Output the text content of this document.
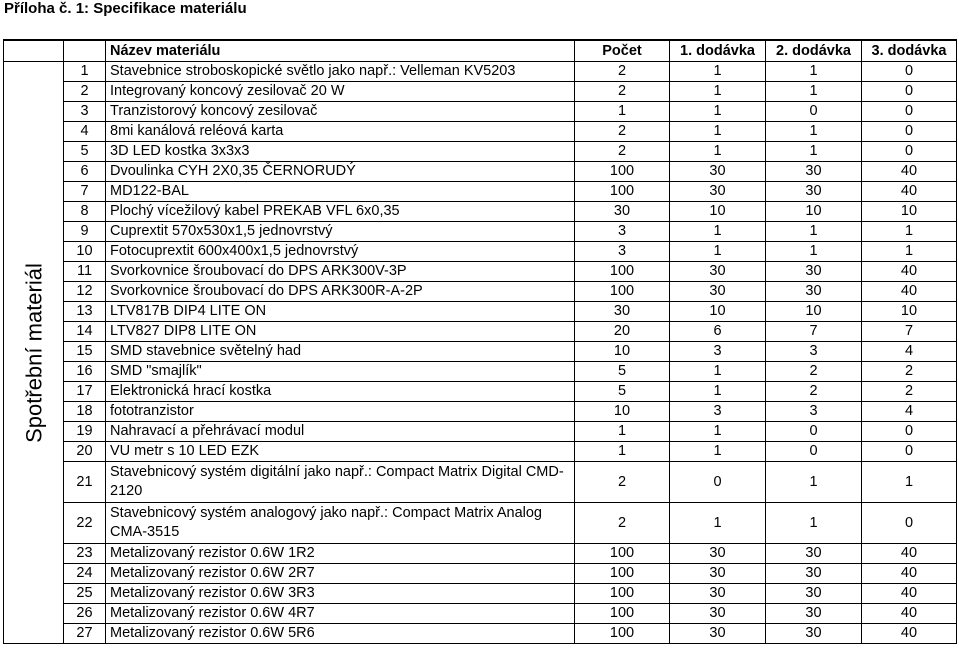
Příloha č. 1: Specifikace materiálu
		Název materiálu	Počet	1. dodávka	2. dodávka	3. dodávka

Spotřební materiál	1	Stavebnice stroboskopické světlo jako např.: Velleman KV5203	2	1	1	0
	2	Integrovaný koncový zesilovač 20 W	2	1	1	0
	3	Tranzistorový koncový zesilovač	1	1	0	0
	4	8mi kanálová reléová karta	2	1	1	0
	5	3D LED kostka 3x3x3	2	1	1	0
	6	Dvoulinka CYH 2X0,35 ČERNORUDÝ	100	30	30	40
	7	MD122-BAL	100	30	30	40
	8	Plochý vícežilový kabel PREKAB VFL 6x0,35	30	10	10	10
	9	Cuprextit 570x530x1,5 jednovrstvý	3	1	1	1
	10	Fotocuprextit 600x400x1,5 jednovrstvý	3	1	1	1
	11	Svorkovnice šroubovací do DPS ARK300V-3P	100	30	30	40
	12	Svorkovnice šroubovací do DPS ARK300R-A-2P	100	30	30	40
	13	LTV817B DIP4 LITE ON	30	10	10	10
	14	LTV827 DIP8 LITE ON	20	6	7	7
	15	SMD stavebnice světelný had	10	3	3	4
	16	SMD "smajlík"	5	1	2	2
	17	Elektronická hrací kostka	5	1	2	2
	18	fototranzistor	10	3	3	4
	19	Nahravací a přehrávací modul	1	1	0	0
	20	VU metr s 10 LED EZK	1	1	0	0
	21	Stavebnicový systém digitální jako např.: Compact Matrix Digital CMD-2120	2	0	1	1
	22	Stavebnicový systém analogový jako např.: Compact Matrix Analog CMA-3515	2	1	1	0
	23	Metalizovaný rezistor 0.6W 1R2	100	30	30	40
	24	Metalizovaný rezistor 0.6W 2R7	100	30	30	40
	25	Metalizovaný rezistor 0.6W 3R3	100	30	30	40
	26	Metalizovaný rezistor 0.6W 4R7	100	30	30	40
	27	Metalizovaný rezistor 0.6W 5R6	100	30	30	40
